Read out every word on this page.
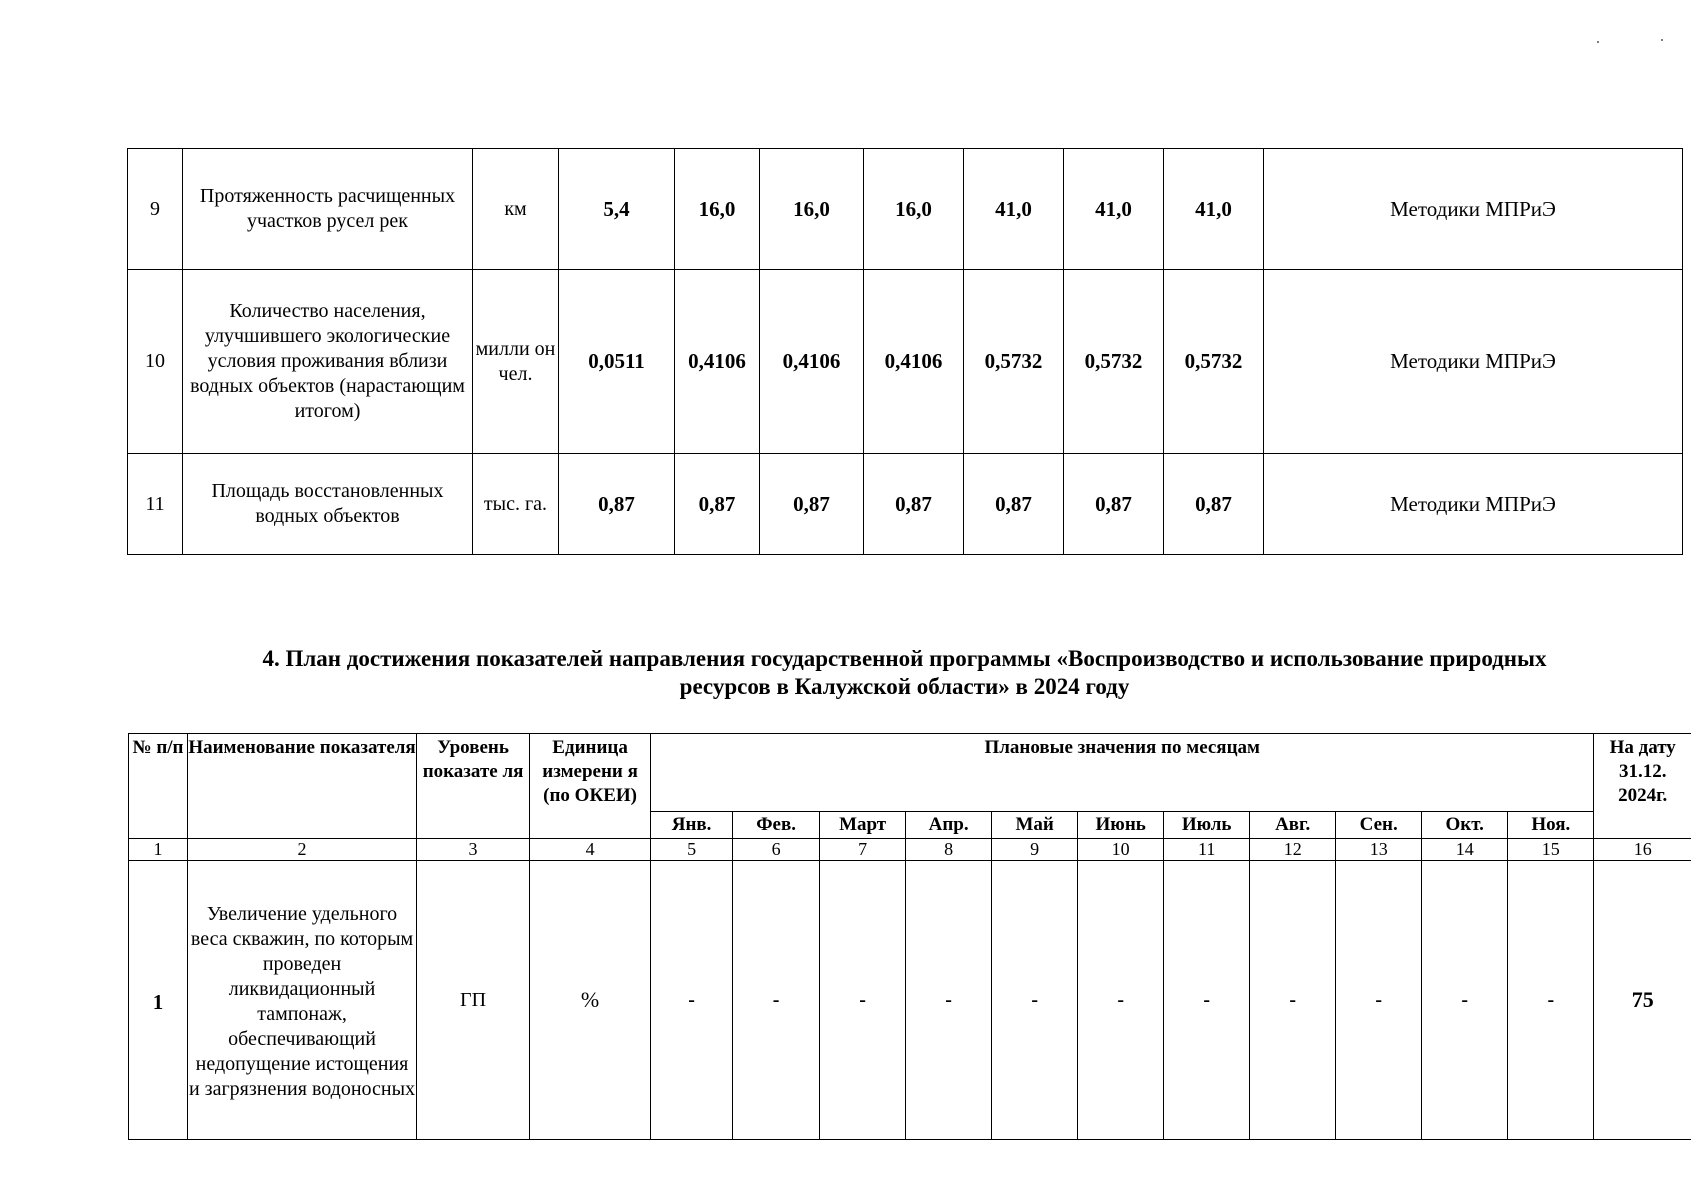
9	Протяженность расчищенных участков русел рек	км	5,4	16,0	16,0	16,0	41,0	41,0	41,0	Методики МПРиЭ
10	Количество населения, улучшившего экологические условия проживания вблизи водных объектов (нарастающим итогом)	милли он чел.	0,0511	0,4106	0,4106	0,4106	0,5732	0,5732	0,5732	Методики МПРиЭ
11	Площадь восстановленных водных объектов	тыс. га.	0,87	0,87	0,87	0,87	0,87	0,87	0,87	Методики МПРиЭ
4. План достижения показателей направления государственной программы «Воспроизводство и использование природных
ресурсов в Калужской области» в 2024 году
№ п/п	Наименование показателя	Уровень показате ля	Единица измерени я (по ОКЕИ)	Плановые значения по месяцам											На дату 31.12. 2024г.
				Янв.	Фев.	Март	Апр.	Май	Июнь	Июль	Авг.	Сен.	Окт.	Ноя.	
1	2	3	4	5	6	7	8	9	10	11	12	13	14	15	16
1	Увеличение удельного веса скважин, по которым проведен ликвидационный тампонаж, обеспечивающий недопущение истощения и загрязнения водоносных	ГП	%	-	-	-	-	-	-	-	-	-	-	-	75
